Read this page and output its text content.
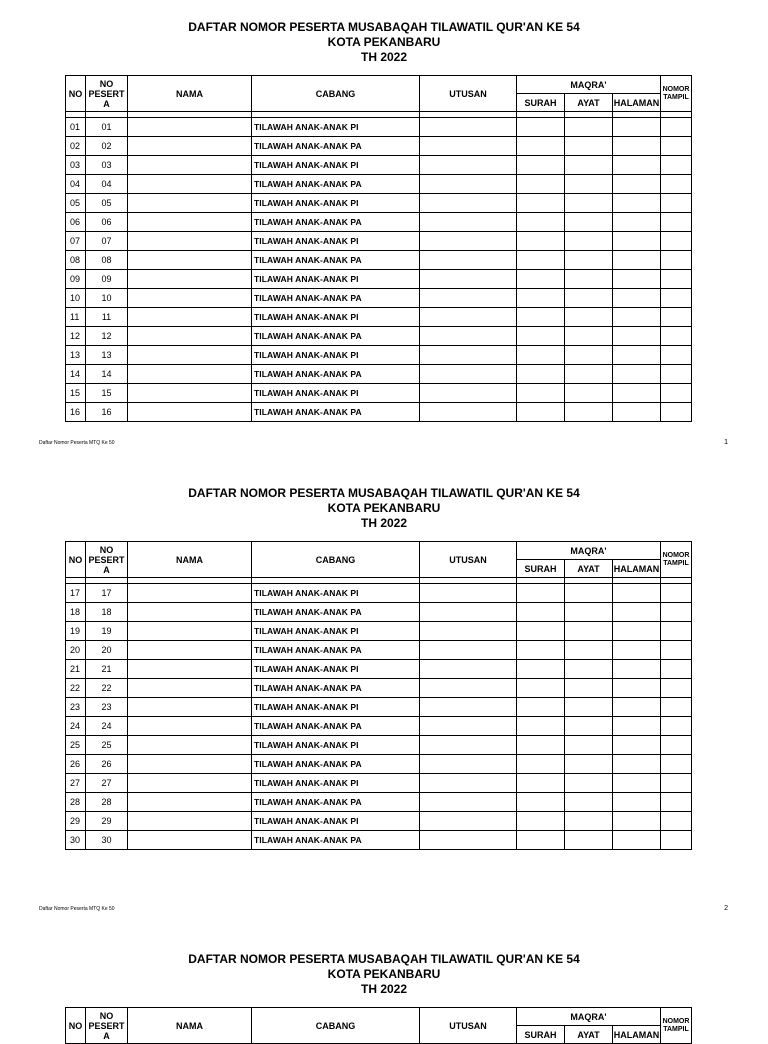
DAFTAR NOMOR PESERTA MUSABAQAH TILAWATIL QUR'AN KE 54
KOTA PEKANBARU
TH 2022
NO	NO
PESERT
A	NAMA	CABANG	UTUSAN	MAQRA'			NOMOR
TAMPIL
					SURAH	AYAT	HALAMAN	

01	01		TILAWAH ANAK-ANAK PI					
02	02		TILAWAH ANAK-ANAK PA					
03	03		TILAWAH ANAK-ANAK PI					
04	04		TILAWAH ANAK-ANAK PA					
05	05		TILAWAH ANAK-ANAK PI					
06	06		TILAWAH ANAK-ANAK PA					
07	07		TILAWAH ANAK-ANAK PI					
08	08		TILAWAH ANAK-ANAK PA					
09	09		TILAWAH ANAK-ANAK PI					
10	10		TILAWAH ANAK-ANAK PA					
11	11		TILAWAH ANAK-ANAK PI					
12	12		TILAWAH ANAK-ANAK PA					
13	13		TILAWAH ANAK-ANAK PI					
14	14		TILAWAH ANAK-ANAK PA					
15	15		TILAWAH ANAK-ANAK PI					
16	16		TILAWAH ANAK-ANAK PA					
Daftar Nomor Peserta MTQ Ke 50	1
DAFTAR NOMOR PESERTA MUSABAQAH TILAWATIL QUR'AN KE 54
KOTA PEKANBARU
TH 2022
NO	NO
PESERT
A	NAMA	CABANG	UTUSAN	MAQRA'			NOMOR
TAMPIL
					SURAH	AYAT	HALAMAN	

17	17		TILAWAH ANAK-ANAK PI					
18	18		TILAWAH ANAK-ANAK PA					
19	19		TILAWAH ANAK-ANAK PI					
20	20		TILAWAH ANAK-ANAK PA					
21	21		TILAWAH ANAK-ANAK PI					
22	22		TILAWAH ANAK-ANAK PA					
23	23		TILAWAH ANAK-ANAK PI					
24	24		TILAWAH ANAK-ANAK PA					
25	25		TILAWAH ANAK-ANAK PI					
26	26		TILAWAH ANAK-ANAK PA					
27	27		TILAWAH ANAK-ANAK PI					
28	28		TILAWAH ANAK-ANAK PA					
29	29		TILAWAH ANAK-ANAK PI					
30	30		TILAWAH ANAK-ANAK PA					
Daftar Nomor Peserta MTQ Ke 50	2
DAFTAR NOMOR PESERTA MUSABAQAH TILAWATIL QUR'AN KE 54
KOTA PEKANBARU
TH 2022
NO	NO
PESERT
A	NAMA	CABANG	UTUSAN	MAQRA'			NOMOR
TAMPIL
					SURAH	AYAT	HALAMAN	
